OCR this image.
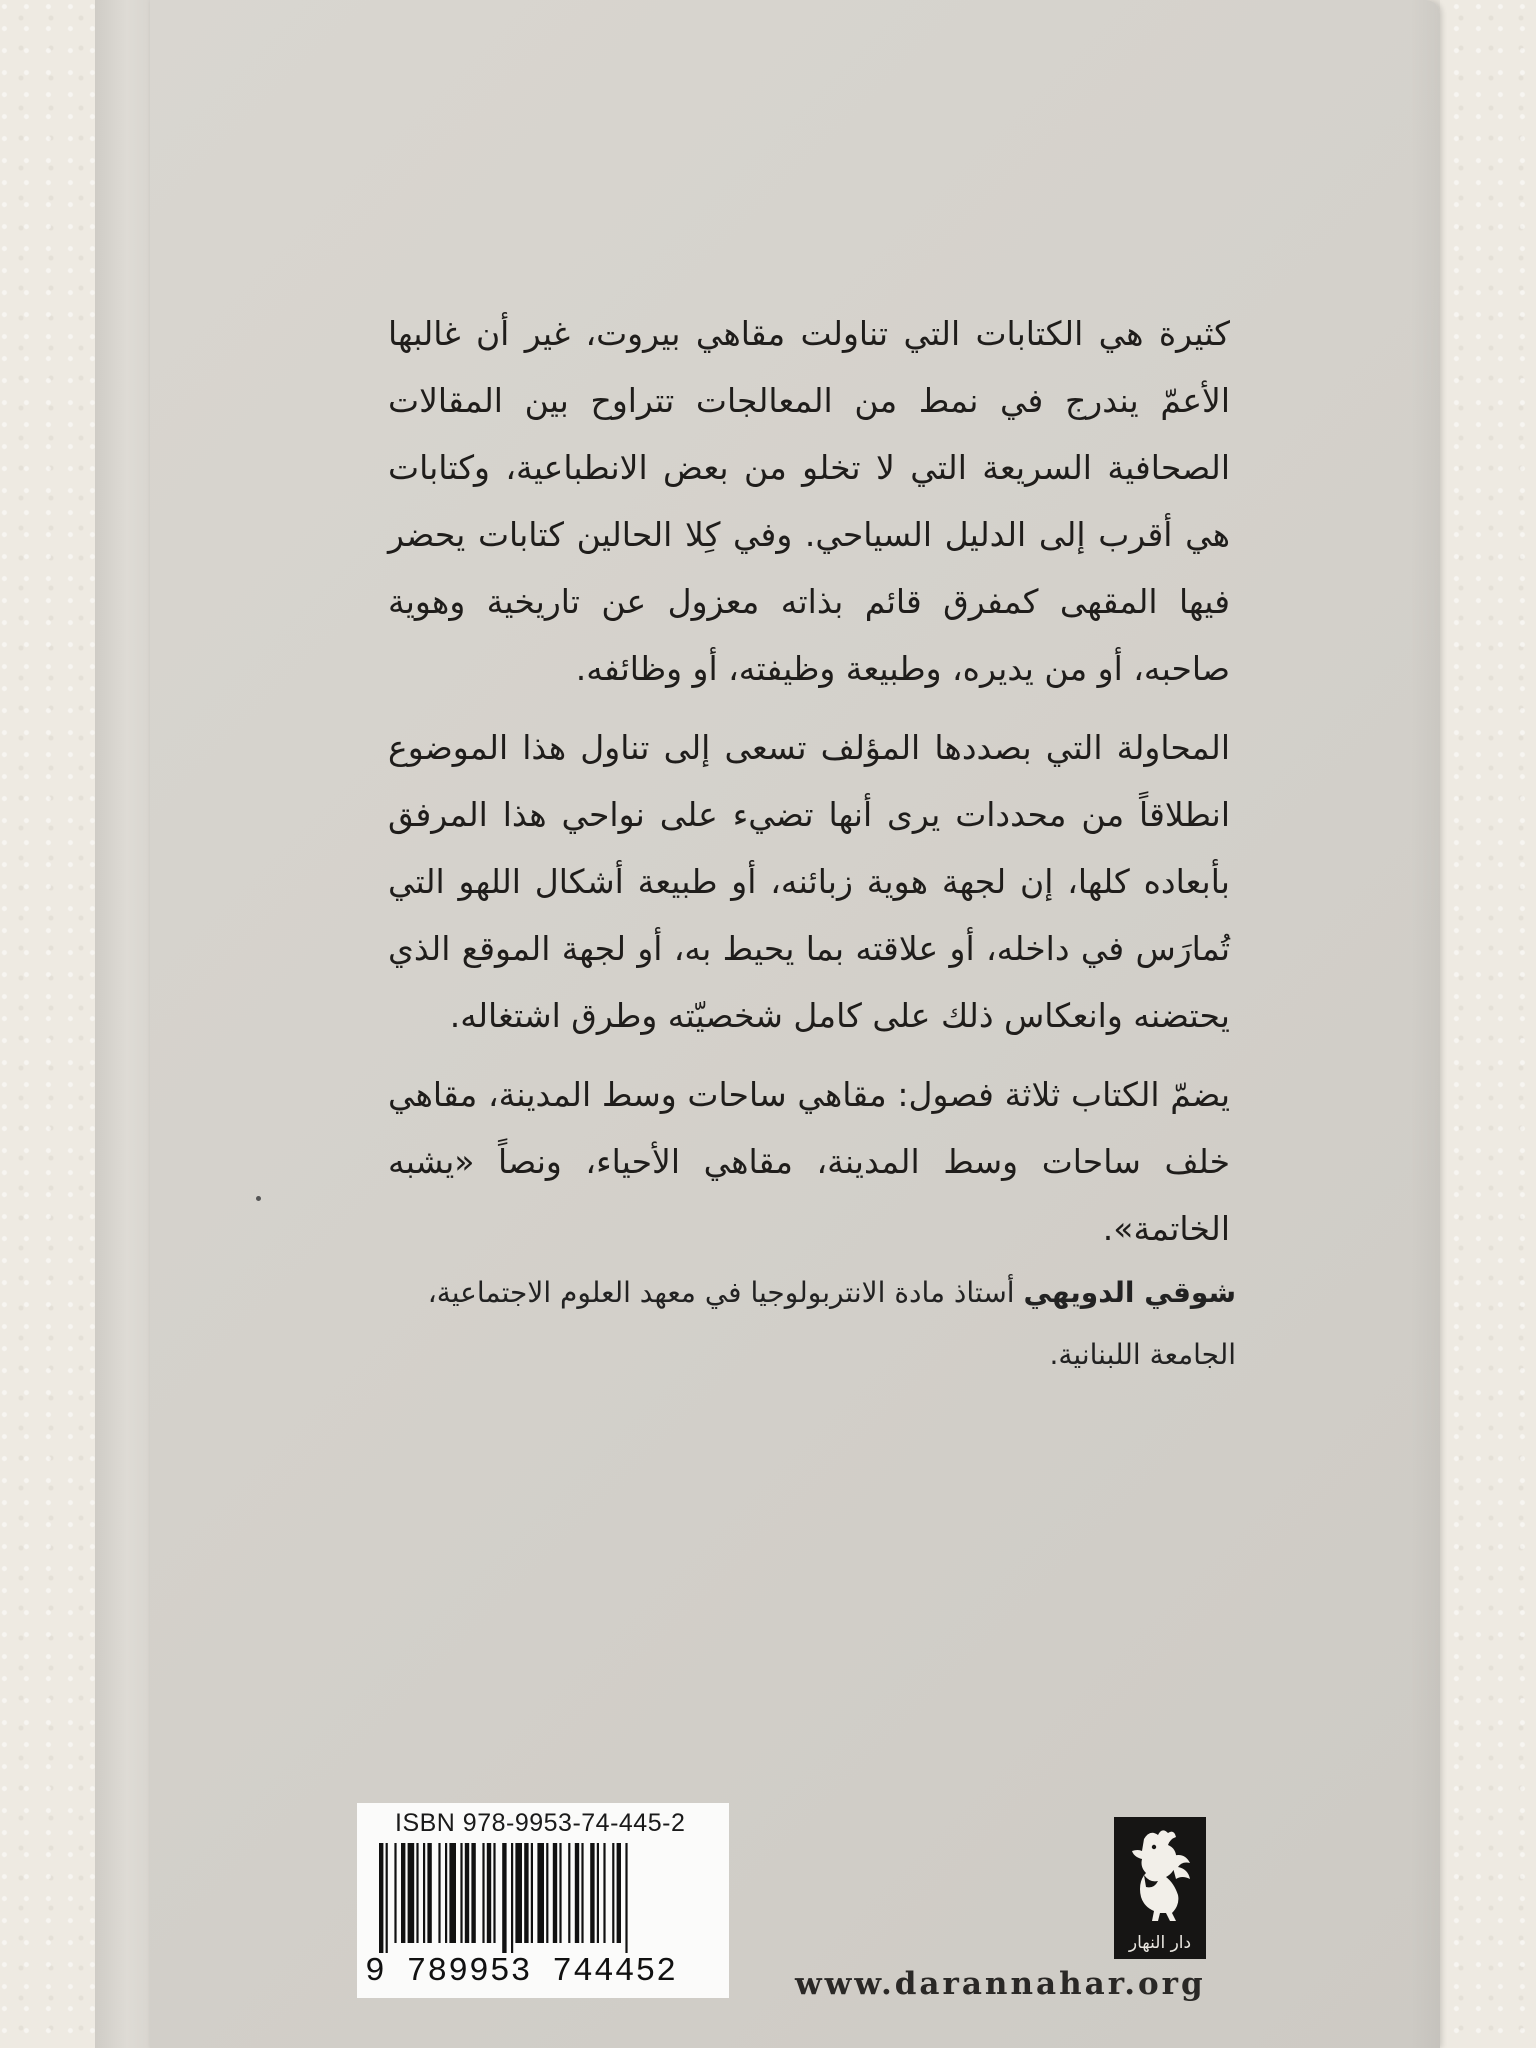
كثيرة هي الكتابات التي تناولت مقاهي بيروت، غير أن غالبها الأعمّ يندرج في نمط من المعالجات تتراوح بين المقالات الصحافية السريعة التي لا تخلو من بعض الانطباعية، وكتابات هي أقرب إلى الدليل السياحي. وفي كِلا الحالين كتابات يحضر فيها المقهى كمفرق قائم بذاته معزول عن تاريخية وهوية صاحبه، أو من يديره، وطبيعة وظيفته، أو وظائفه.

المحاولة التي بصددها المؤلف تسعى إلى تناول هذا الموضوع انطلاقاً من محددات يرى أنها تضيء على نواحي هذا المرفق بأبعاده كلها، إن لجهة هوية زبائنه، أو طبيعة أشكال اللهو التي تُمارَس في داخله، أو علاقته بما يحيط به، أو لجهة الموقع الذي يحتضنه وانعكاس ذلك على كامل شخصيّته وطرق اشتغاله.

يضمّ الكتاب ثلاثة فصول: مقاهي ساحات وسط المدينة، مقاهي خلف ساحات وسط المدينة، مقاهي الأحياء، ونصاً «يشبه الخاتمة».

شوقي الدويهي أستاذ مادة الانتربولوجيا في معهد العلوم الاجتماعية،
الجامعة اللبنانية.
ISBN 978-9953-74-445-2
9 789953 744452
دار النهار
www.darannahar.org
